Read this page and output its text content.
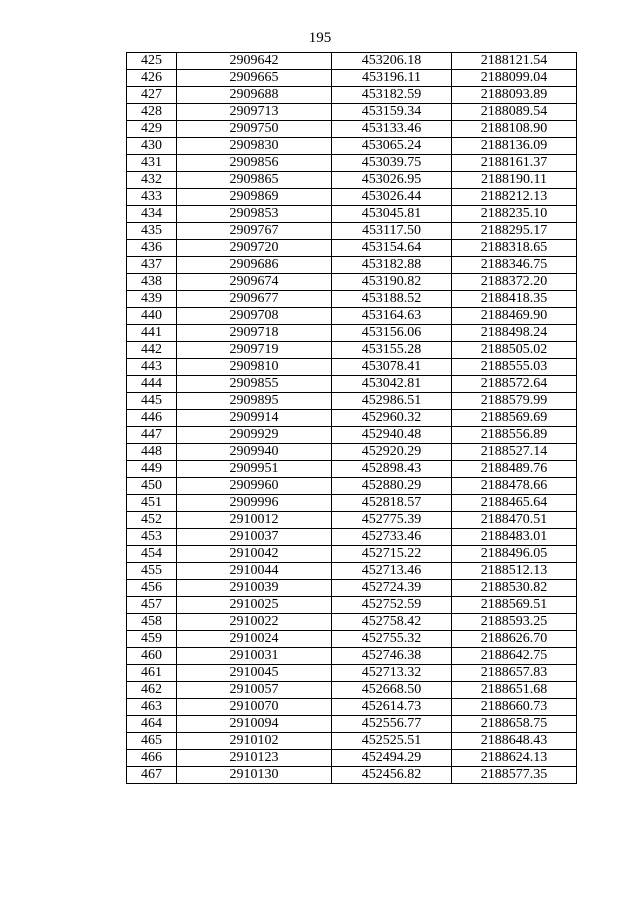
195
425	2909642	453206.18	2188121.54
426	2909665	453196.11	2188099.04
427	2909688	453182.59	2188093.89
428	2909713	453159.34	2188089.54
429	2909750	453133.46	2188108.90
430	2909830	453065.24	2188136.09
431	2909856	453039.75	2188161.37
432	2909865	453026.95	2188190.11
433	2909869	453026.44	2188212.13
434	2909853	453045.81	2188235.10
435	2909767	453117.50	2188295.17
436	2909720	453154.64	2188318.65
437	2909686	453182.88	2188346.75
438	2909674	453190.82	2188372.20
439	2909677	453188.52	2188418.35
440	2909708	453164.63	2188469.90
441	2909718	453156.06	2188498.24
442	2909719	453155.28	2188505.02
443	2909810	453078.41	2188555.03
444	2909855	453042.81	2188572.64
445	2909895	452986.51	2188579.99
446	2909914	452960.32	2188569.69
447	2909929	452940.48	2188556.89
448	2909940	452920.29	2188527.14
449	2909951	452898.43	2188489.76
450	2909960	452880.29	2188478.66
451	2909996	452818.57	2188465.64
452	2910012	452775.39	2188470.51
453	2910037	452733.46	2188483.01
454	2910042	452715.22	2188496.05
455	2910044	452713.46	2188512.13
456	2910039	452724.39	2188530.82
457	2910025	452752.59	2188569.51
458	2910022	452758.42	2188593.25
459	2910024	452755.32	2188626.70
460	2910031	452746.38	2188642.75
461	2910045	452713.32	2188657.83
462	2910057	452668.50	2188651.68
463	2910070	452614.73	2188660.73
464	2910094	452556.77	2188658.75
465	2910102	452525.51	2188648.43
466	2910123	452494.29	2188624.13
467	2910130	452456.82	2188577.35
